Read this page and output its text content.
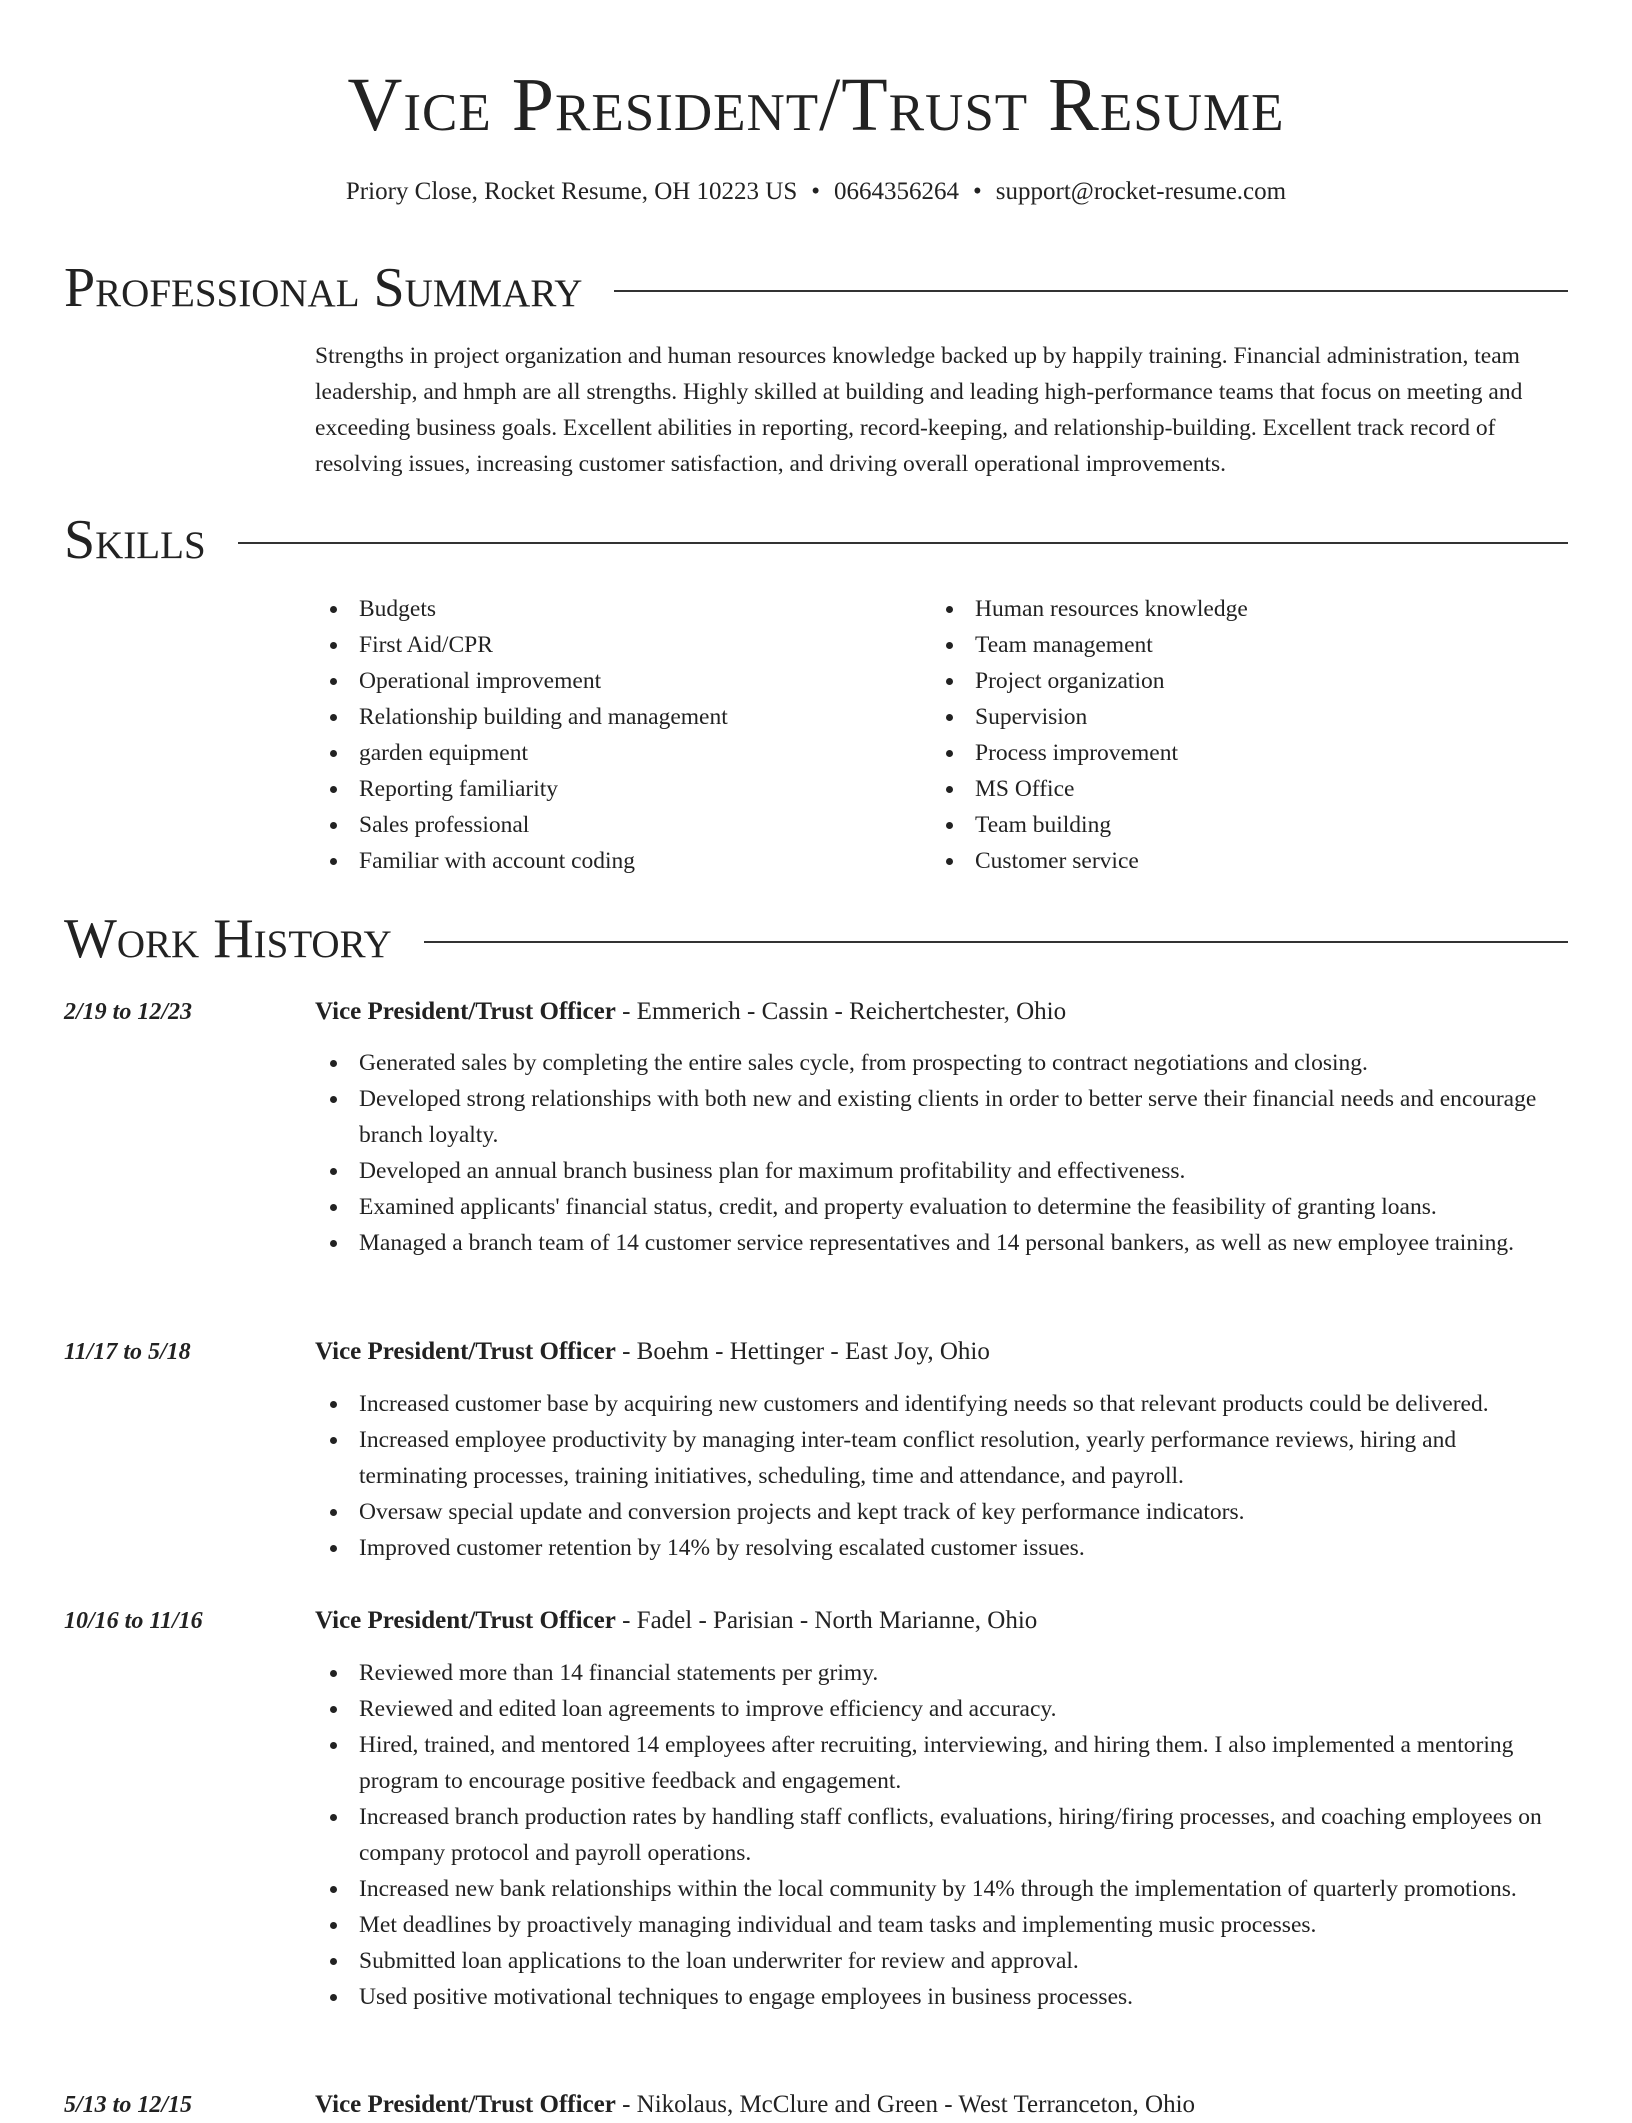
Vice President/Trust Resume
Priory Close, Rocket Resume, OH 10223 US • 0664356264 • support@rocket-resume.com
Professional Summary
Strengths in project organization and human resources knowledge backed up by happily training. Financial administration, team leadership, and hmph are all strengths. Highly skilled at building and leading high-performance teams that focus on meeting and exceeding business goals. Excellent abilities in reporting, record-keeping, and relationship-building. Excellent track record of resolving issues, increasing customer satisfaction, and driving overall operational improvements.
Skills
Budgets
First Aid/CPR
Operational improvement
Relationship building and management
garden equipment
Reporting familiarity
Sales professional
Familiar with account coding
Human resources knowledge
Team management
Project organization
Supervision
Process improvement
MS Office
Team building
Customer service
Work History
2/19 to 12/23	Vice President/Trust Officer - Emmerich - Cassin - Reichertchester, Ohio
Generated sales by completing the entire sales cycle, from prospecting to contract negotiations and closing.
Developed strong relationships with both new and existing clients in order to better serve their financial needs and encourage branch loyalty.
Developed an annual branch business plan for maximum profitability and effectiveness.
Examined applicants' financial status, credit, and property evaluation to determine the feasibility of granting loans.
Managed a branch team of 14 customer service representatives and 14 personal bankers, as well as new employee training.
11/17 to 5/18	Vice President/Trust Officer - Boehm - Hettinger - East Joy, Ohio
Increased customer base by acquiring new customers and identifying needs so that relevant products could be delivered.
Increased employee productivity by managing inter-team conflict resolution, yearly performance reviews, hiring and terminating processes, training initiatives, scheduling, time and attendance, and payroll.
Oversaw special update and conversion projects and kept track of key performance indicators.
Improved customer retention by 14% by resolving escalated customer issues.
10/16 to 11/16	Vice President/Trust Officer - Fadel - Parisian - North Marianne, Ohio
Reviewed more than 14 financial statements per grimy.
Reviewed and edited loan agreements to improve efficiency and accuracy.
Hired, trained, and mentored 14 employees after recruiting, interviewing, and hiring them. I also implemented a mentoring program to encourage positive feedback and engagement.
Increased branch production rates by handling staff conflicts, evaluations, hiring/firing processes, and coaching employees on company protocol and payroll operations.
Increased new bank relationships within the local community by 14% through the implementation of quarterly promotions.
Met deadlines by proactively managing individual and team tasks and implementing music processes.
Submitted loan applications to the loan underwriter for review and approval.
Used positive motivational techniques to engage employees in business processes.
5/13 to 12/15	Vice President/Trust Officer - Nikolaus, McClure and Green - West Terranceton, Ohio
